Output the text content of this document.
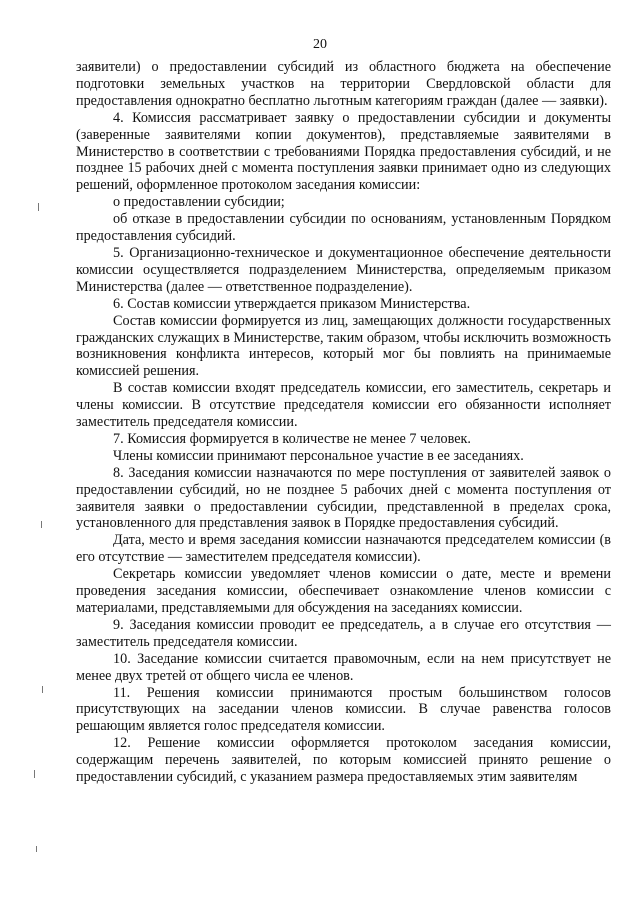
20

заявители) о предоставлении субсидий из областного бюджета на обеспечение подготовки земельных участков на территории Свердловской области для предоставления однократно бесплатно льготным категориям граждан (далее — заявки).

4. Комиссия рассматривает заявку о предоставлении субсидии и документы (заверенные заявителями копии документов), представляемые заявителями в Министерство в соответствии с требованиями Порядка предоставления субсидий, и не позднее 15 рабочих дней с момента поступления заявки принимает одно из следующих решений, оформленное протоколом заседания комиссии:

о предоставлении субсидии;

об отказе в предоставлении субсидии по основаниям, установленным Порядком предоставления субсидий.

5. Организационно-техническое и документационное обеспечение деятельности комиссии осуществляется подразделением Министерства, определяемым приказом Министерства (далее — ответственное подразделение).

6. Состав комиссии утверждается приказом Министерства.

Состав комиссии формируется из лиц, замещающих должности государственных гражданских служащих в Министерстве, таким образом, чтобы исключить возможность возникновения конфликта интересов, который мог бы повлиять на принимаемые комиссией решения.

В состав комиссии входят председатель комиссии, его заместитель, секретарь и члены комиссии. В отсутствие председателя комиссии его обязанности исполняет заместитель председателя комиссии.

7. Комиссия формируется в количестве не менее 7 человек.

Члены комиссии принимают персональное участие в ее заседаниях.

8. Заседания комиссии назначаются по мере поступления от заявителей заявок о предоставлении субсидий, но не позднее 5 рабочих дней с момента поступления от заявителя заявки о предоставлении субсидии, представленной в пределах срока, установленного для представления заявок в Порядке предоставления субсидий.

Дата, место и время заседания комиссии назначаются председателем комиссии (в его отсутствие — заместителем председателя комиссии).

Секретарь комиссии уведомляет членов комиссии о дате, месте и времени проведения заседания комиссии, обеспечивает ознакомление членов комиссии с материалами, представляемыми для обсуждения на заседаниях комиссии.

9. Заседания комиссии проводит ее председатель, а в случае его отсутствия — заместитель председателя комиссии.

10. Заседание комиссии считается правомочным, если на нем присутствует не менее двух третей от общего числа ее членов.

11. Решения комиссии принимаются простым большинством голосов присутствующих на заседании членов комиссии. В случае равенства голосов решающим является голос председателя комиссии.

12. Решение комиссии оформляется протоколом заседания комиссии, содержащим перечень заявителей, по которым комиссией принято решение о предоставлении субсидий, с указанием размера предоставляемых этим заявителям
